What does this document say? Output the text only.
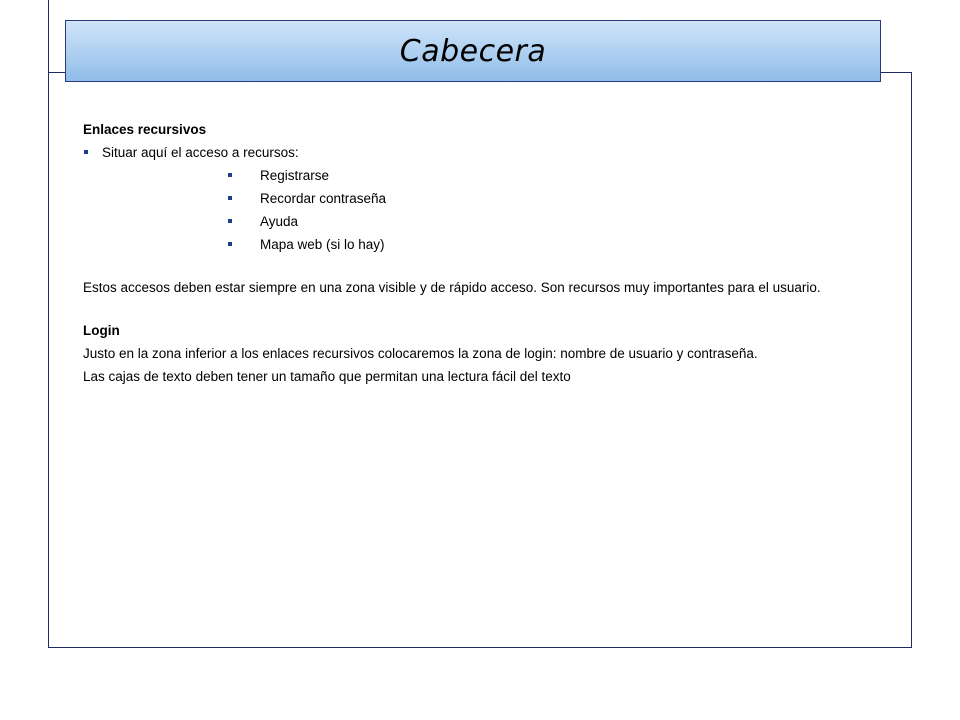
Cabecera

Enlaces recursivos

Situar aquí el acceso a recursos:
Registrarse
Recordar contraseña
Ayuda
Mapa web (si lo hay)

Estos accesos deben estar siempre en una zona visible y de rápido acceso. Son recursos muy importantes para el usuario.

Login

Justo en la zona inferior a los enlaces recursivos colocaremos la zona de login: nombre de usuario y contraseña.

Las cajas de texto deben tener un tamaño que permitan una lectura fácil del texto
